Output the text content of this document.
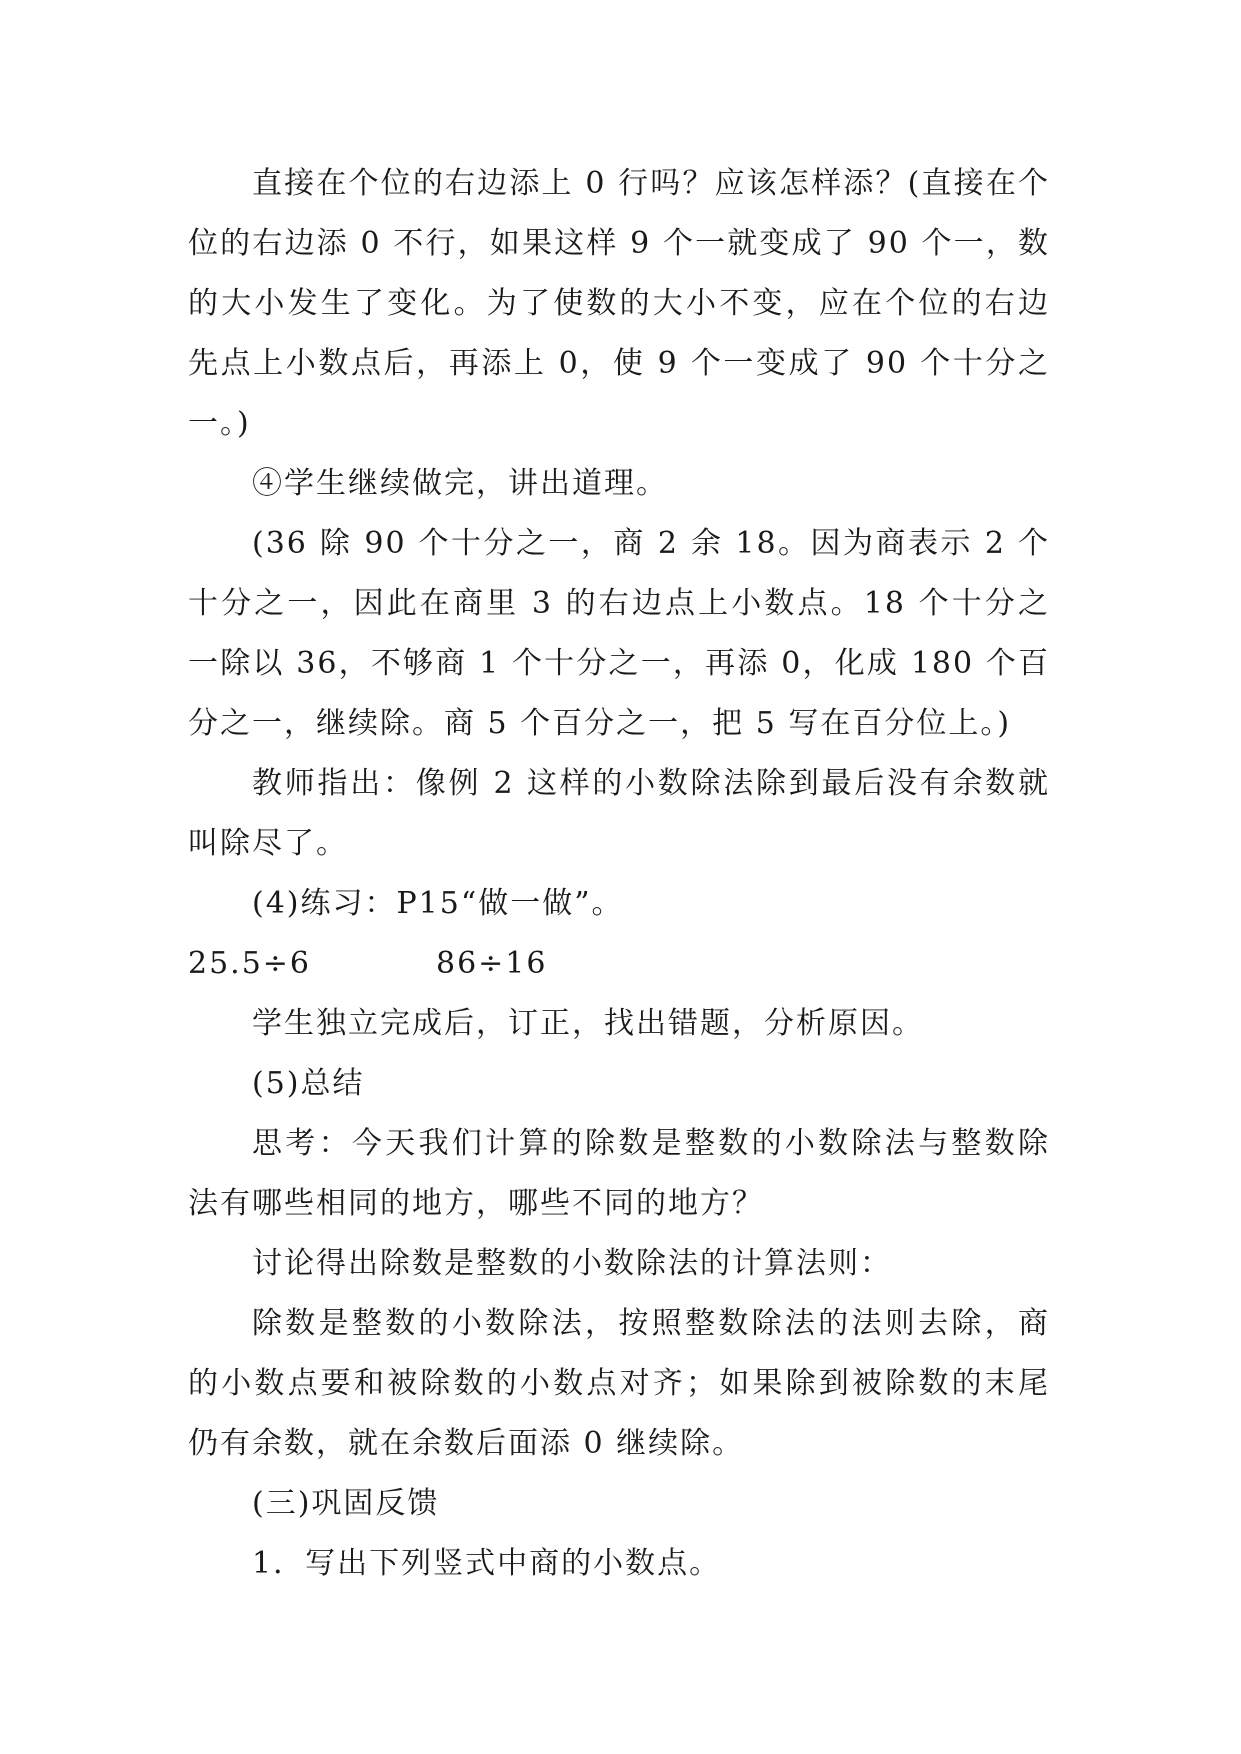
直接在个位的右边添上 0 行吗？应该怎样添？(直接在个位的右边添 0 不行，如果这样 9 个一就变成了 90 个一，数的大小发生了变化。为了使数的大小不变，应在个位的右边先点上小数点后，再添上 0，使 9 个一变成了 90 个十分之一。)

④学生继续做完，讲出道理。

(36 除 90 个十分之一，商 2 余 18。因为商表示 2 个十分之一，因此在商里 3 的右边点上小数点。18 个十分之一除以 36，不够商 1 个十分之一，再添 0，化成 180 个百分之一，继续除。商 5 个百分之一，把 5 写在百分位上。)

教师指出：像例 2 这样的小数除法除到最后没有余数就叫除尽了。

(4)练习：P15“做一做”。

25.5÷6	86÷16

学生独立完成后，订正，找出错题，分析原因。

(5)总结

思考：今天我们计算的除数是整数的小数除法与整数除法有哪些相同的地方，哪些不同的地方？

讨论得出除数是整数的小数除法的计算法则：

除数是整数的小数除法，按照整数除法的法则去除，商的小数点要和被除数的小数点对齐；如果除到被除数的末尾仍有余数，就在余数后面添 0 继续除。

(三)巩固反馈

1．写出下列竖式中商的小数点。
